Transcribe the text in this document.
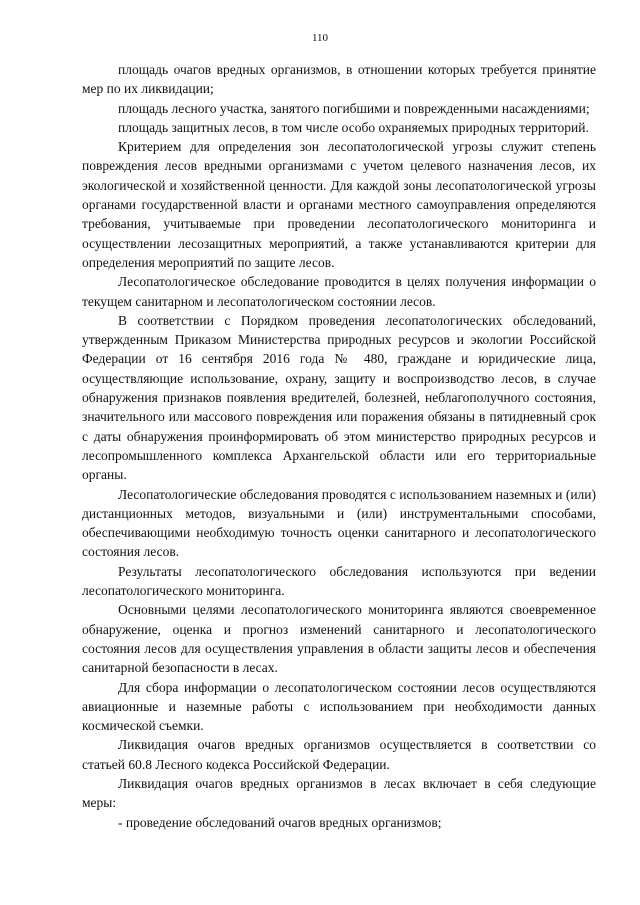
110

площадь очагов вредных организмов, в отношении которых требуется принятие мер по их ликвидации;

площадь лесного участка, занятого погибшими и поврежденными насаждениями;

площадь защитных лесов, в том числе особо охраняемых природных территорий.

Критерием для определения зон лесопатологической угрозы служит степень повреждения лесов вредными организмами с учетом целевого назначения лесов, их экологической и хозяйственной ценности. Для каждой зоны лесопатологической угрозы органами государственной власти и органами местного самоуправления определяются требования, учитываемые при проведении лесопатологического мониторинга и осуществлении лесозащитных мероприятий, а также устанавливаются критерии для определения мероприятий по защите лесов.

Лесопатологическое обследование проводится в целях получения информации о текущем санитарном и лесопатологическом состоянии лесов.

В соответствии с Порядком проведения лесопатологических обследований, утвержденным Приказом Министерства природных ресурсов и экологии Российской Федерации от 16 сентября 2016 года № 480, граждане и юридические лица, осуществляющие использование, охрану, защиту и воспроизводство лесов, в случае обнаружения признаков появления вредителей, болезней, неблагополучного состояния, значительного или массового повреждения или поражения обязаны в пятидневный срок с даты обнаружения проинформировать об этом министерство природных ресурсов и лесопромышленного комплекса Архангельской области или его территориальные органы.

Лесопатологические обследования проводятся с использованием наземных и (или) дистанционных методов, визуальными и (или) инструментальными способами, обеспечивающими необходимую точность оценки санитарного и лесопатологического состояния лесов.

Результаты лесопатологического обследования используются при ведении лесопатологического мониторинга.

Основными целями лесопатологического мониторинга являются своевременное обнаружение, оценка и прогноз изменений санитарного и лесопатологического состояния лесов для осуществления управления в области защиты лесов и обеспечения санитарной безопасности в лесах.

Для сбора информации о лесопатологическом состоянии лесов осуществляются авиационные и наземные работы с использованием при необходимости данных космической съемки.

Ликвидация очагов вредных организмов осуществляется в соответствии со статьей 60.8 Лесного кодекса Российской Федерации.

Ликвидация очагов вредных организмов в лесах включает в себя следующие меры:

- проведение обследований очагов вредных организмов;
